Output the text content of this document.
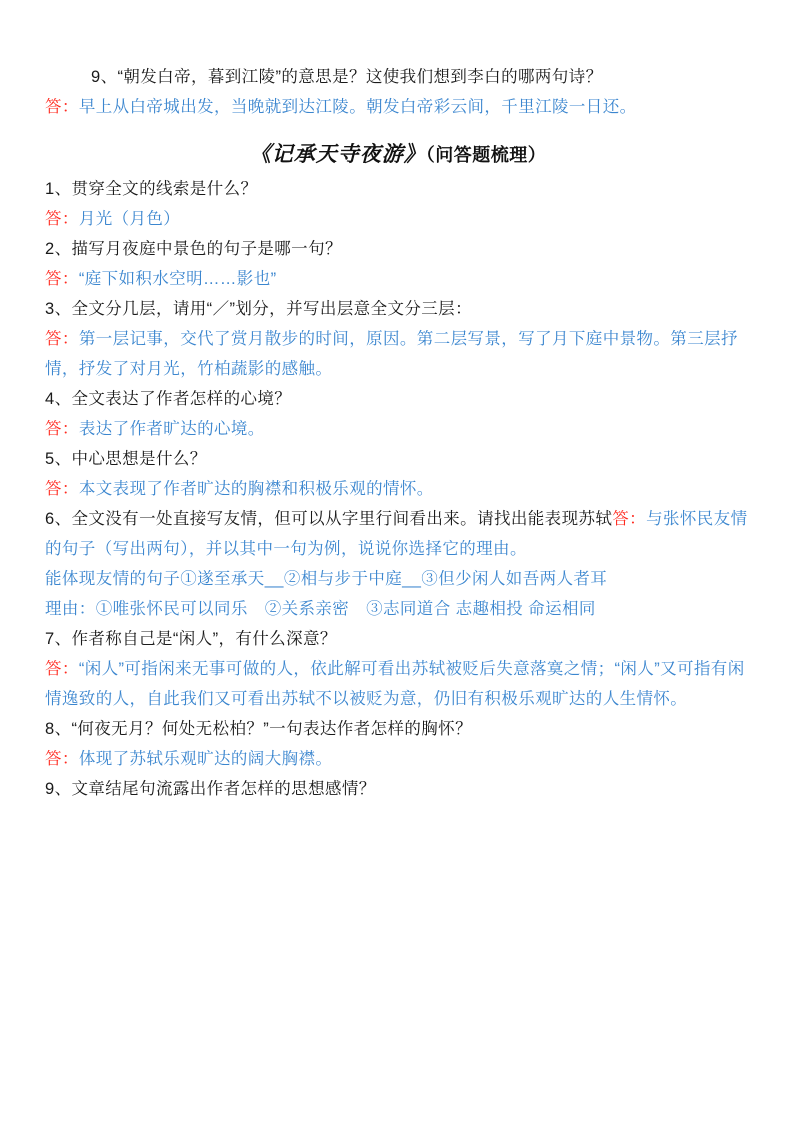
9、“朝发白帝，暮到江陵”的意思是？这使我们想到李白的哪两句诗？
答：早上从白帝城出发，当晚就到达江陵。朝发白帝彩云间，千里江陵一日还。
《记承天寺夜游》（问答题梳理）
1、贯穿全文的线索是什么？
答：月光（月色）
2、描写月夜庭中景色的句子是哪一句？
答：“庭下如积水空明……影也”
3、全文分几层，请用“／”划分，并写出层意全文分三层：
答：第一层记事，交代了赏月散步的时间，原因。第二层写景，写了月下庭中景物。第三层抒情，抒发了对月光，竹柏蔬影的感触。
4、全文表达了作者怎样的心境？
答：表达了作者旷达的心境。
5、中心思想是什么？
答：本文表现了作者旷达的胸襟和积极乐观的情怀。
6、全文没有一处直接写友情，但可以从字里行间看出来。请找出能表现苏轼答：与张怀民友情的句子（写出两句），并以其中一句为例，说说你选择它的理由。
能体现友情的句子①遂至承天__②相与步于中庭__③但少闲人如吾两人者耳
理由：①唯张怀民可以同乐　②关系亲密　③志同道合 志趣相投 命运相同
7、作者称自己是“闲人”，有什么深意？
答：“闲人”可指闲来无事可做的人，依此解可看出苏轼被贬后失意落寞之情；“闲人”又可指有闲情逸致的人，自此我们又可看出苏轼不以被贬为意，仍旧有积极乐观旷达的人生情怀。
8、“何夜无月？何处无松柏？”一句表达作者怎样的胸怀？
答：体现了苏轼乐观旷达的阔大胸襟。
9、文章结尾句流露出作者怎样的思想感情？
